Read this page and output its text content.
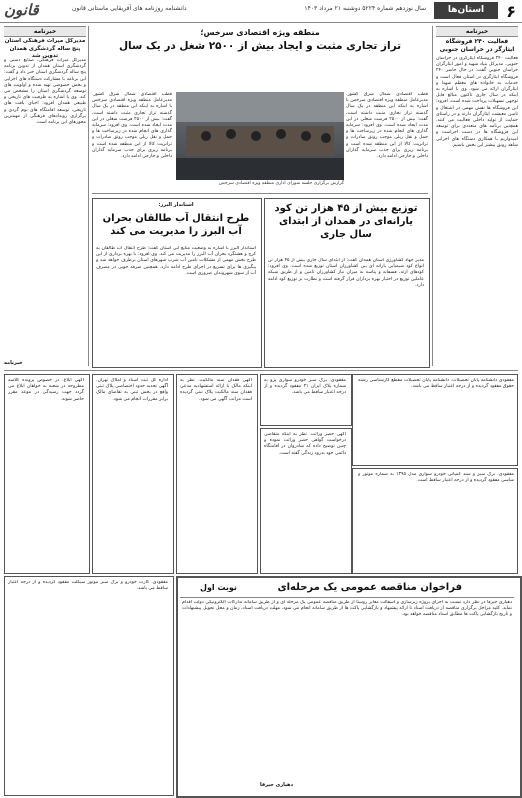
۶
استان‌ها
سال نوزدهم شماره ۵۲۲۴ دوشنبه ۲۱ مرداد ۱۴۰۳
دانشنامه روزنامه های آفریقایی ماستانی قانون
قانون
خبرنامه
فعالیت ۲۴۰ فروشگاه ایثارگر در خراسان جنوبی
فعالیت ۲۴۰ فروشگاه ایثارگری در خراسان جنوبی. مدیرکل بنیاد شهید و امور ایثارگران خراسان جنوبی گفت: در حال حاضر ۲۴۰ فروشگاه ایثارگری در استان فعال است و خدمات به خانواده های معظم شهدا و ایثارگران ارائه می شود. وی با اشاره به اینکه در سال جاری تاکنون مبالغ قابل توجهی تسهیلات پرداخت شده است، افزود: این فروشگاه ها نقش مهمی در اشتغال و تامین معیشت ایثارگران دارند و در راستای حمایت از تولید داخلی فعالیت می کنند. همچنین برنامه های متعددی برای توسعه این فروشگاه ها در دست اجراست و امیدواریم با همکاری دستگاه های اجرایی شاهد رونق بیشتر این بخش باشیم.
خبرنامه
مدیرکل میراث فرهنگی استان پنج ساله گردشگری همدان تدوین شد
مدیرکل میراث فرهنگی، صنایع دستی و گردشگری استان همدان از تدوین برنامه پنج ساله گردشگری استان خبر داد و گفت: این برنامه با مشارکت دستگاه های اجرایی و بخش خصوصی تهیه شده و اولویت های توسعه گردشگری استان را مشخص می کند. وی با اشاره به ظرفیت های تاریخی و طبیعی همدان افزود: احیای بافت های تاریخی، توسعه اقامتگاه های بوم گردی و برگزاری رویدادهای فرهنگی از مهمترین محورهای این برنامه است.
خبرنامه
منطقه ویژه اقتصادی سرخس؛
تراز تجاری مثبت و ایجاد بیش از ۲۵۰۰ شغل در یک سال
گزارش برگزاری جلسه شورای اداری منطقه ویژه اقتصادی سرخس
قطب اقتصادی شمال شرق کشور. مدیرعامل منطقه ویژه اقتصادی سرخس با اشاره به اینکه این منطقه در یک سال گذشته تراز تجاری مثبت داشته است، گفت: بیش از ۲۵۰۰ فرصت شغلی در این مدت ایجاد شده است. وی افزود: سرمایه گذاری های انجام شده در زیرساخت ها و حمل و نقل ریلی موجب رونق صادرات و ترانزیت کالا از این منطقه شده است و برنامه ریزی برای جذب سرمایه گذاران داخلی و خارجی ادامه دارد.
قطب اقتصادی شمال شرق کشور. مدیرعامل منطقه ویژه اقتصادی سرخس با اشاره به اینکه این منطقه در یک سال گذشته تراز تجاری مثبت داشته است، گفت: بیش از ۲۵۰۰ فرصت شغلی در این مدت ایجاد شده است. وی افزود: سرمایه گذاری های انجام شده در زیرساخت ها و حمل و نقل ریلی موجب رونق صادرات و ترانزیت کالا از این منطقه شده است و برنامه ریزی برای جذب سرمایه گذاران داخلی و خارجی ادامه دارد.
استاندار البرز:
طرح انتقال آب طالقان بحران آب البرز را مدیریت می کند
استاندار البرز با اشاره به وضعیت منابع آبی استان گفت: طرح انتقال آب طالقان به کرج و هشتگرد بحران آب البرز را مدیریت می کند. وی افزود: با بهره برداری از این طرح بخش مهمی از مشکلات تامین آب شرب شهرهای استان برطرف خواهد شد و پیگیری ها برای تسریع در اجرای طرح ادامه دارد. همچنین صرفه جویی در مصرف آب از سوی شهروندان ضروری است.
توزیع بیش از ۴۵ هزار تن کود یارانه‌ای در همدان از ابتدای سال جاری
مدیر جهاد کشاورزی استان همدان گفت: از ابتدای سال جاری بیش از ۴۵ هزار تن انواع کود شیمیایی یارانه ای بین کشاورزان استان توزیع شده است. وی افزود: کودهای ازته، فسفاته و پتاسه به میزان نیاز کشاورزان تامین و از طریق شبکه عاملین توزیع در اختیار بهره برداران قرار گرفته است و نظارت بر توزیع کود ادامه دارد.
مفقودی دانشنامه پایان تحصیلات. دانشنامه پایان تحصیلات مقطع کارشناسی رشته حقوق مفقود گردیده و از درجه اعتبار ساقط می باشد.
مفقودی. برگ سبز و سند کمپانی خودرو سواری مدل ۱۳۹۵ به شماره موتور و شاسی مفقود گردیده و از درجه اعتبار ساقط است.
مفقودی. برگ سبز خودرو سواری پژو به شماره پلاک ایران ۲۱ مفقود گردیده و از درجه اعتبار ساقط می باشد.
آگهی حصر وراثت. نظر به اینکه متقاضی درخواست گواهی حصر وراثت نموده و چنین توضیح داده که شادروان در اقامتگاه دائمی خود بدرود زندگی گفته است.
آگهی فقدان سند مالکیت. نظر به اینکه مالک با ارائه استشهادیه مدعی فقدان سند مالکیت پلاک ثبتی گردیده است مراتب آگهی می شود.
اداره کل ثبت اسناد و املاک تهران. آگهی تحدید حدود اختصاصی پلاک ثبتی واقع در بخش ثبتی به تقاضای مالک برابر مقررات انجام می شود.
آگهی ابلاغ. در خصوص پرونده کلاسه مطروحه در شعبه به خواهان ابلاغ می گردد جهت رسیدگی در موعد مقرر حاضر شوند.
مفقودی. کارت خودرو و برگ سبز موتور سیکلت مفقود گردیده و از درجه اعتبار ساقط می باشد.	فراخوان مناقصه عمومی یک مرحله‌ای
نوبت اول
دهیاری جیرفا در نظر دارد نسبت به اجرای پروژه زیرسازی و آسفالت معابر روستا از طریق مناقصه عمومی یک مرحله ای و از طریق سامانه تدارکات الکترونیکی دولت اقدام نماید. کلیه مراحل برگزاری مناقصه از دریافت اسناد تا ارائه پیشنهاد و بازگشایی پاکت ها از طریق سامانه انجام می شود. مهلت دریافت اسناد، زمان و محل تحویل پیشنهادات و تاریخ بازگشایی پاکت ها مطابق اسناد مناقصه خواهد بود.
دهیاری جیرفا
